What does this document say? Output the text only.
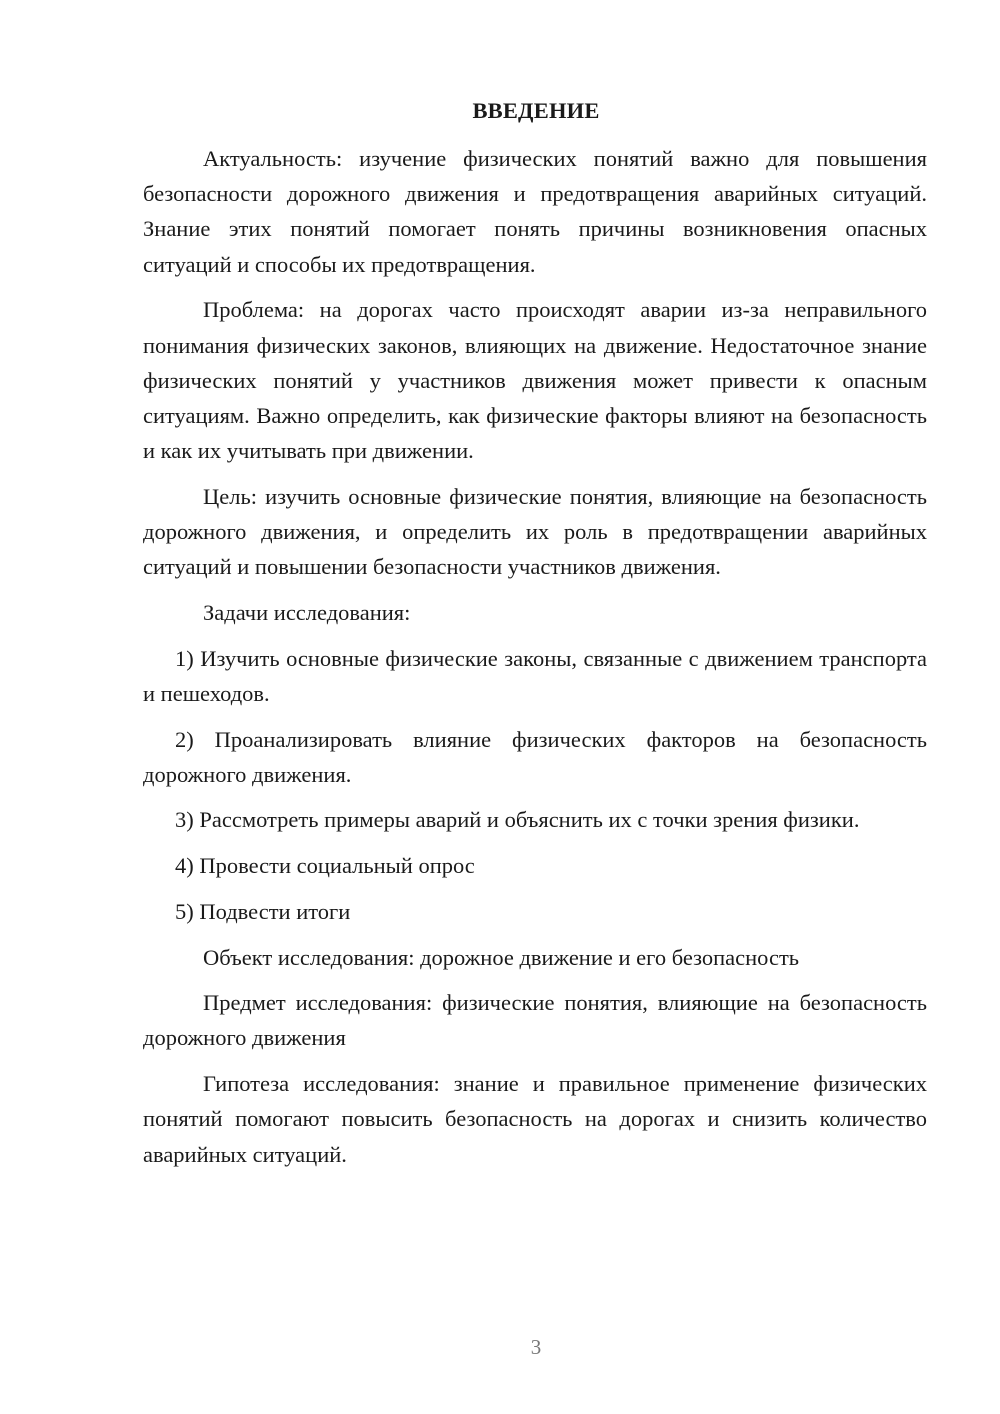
ВВЕДЕНИЕ

Актуальность: изучение физических понятий важно для повышения безопасности дорожного движения и предотвращения аварийных ситуаций. Знание этих понятий помогает понять причины возникновения опасных ситуаций и способы их предотвращения.

Проблема: на дорогах часто происходят аварии из-за неправильного понимания физических законов, влияющих на движение. Недостаточное знание физических понятий у участников движения может привести к опасным ситуациям. Важно определить, как физические факторы влияют на безопасность и как их учитывать при движении.

Цель: изучить основные физические понятия, влияющие на безопасность дорожного движения, и определить их роль в предотвращении аварийных ситуаций и повышении безопасности участников движения.

Задачи исследования:

1) Изучить основные физические законы, связанные с движением транспорта и пешеходов.

2) Проанализировать влияние физических факторов на безопасность дорожного движения.

3) Рассмотреть примеры аварий и объяснить их с точки зрения физики.

4) Провести социальный опрос

5) Подвести итоги

Объект исследования: дорожное движение и его безопасность

Предмет исследования: физические понятия, влияющие на безопасность дорожного движения

Гипотеза исследования: знание и правильное применение физических понятий помогают повысить безопасность на дорогах и снизить количество аварийных ситуаций.

3
